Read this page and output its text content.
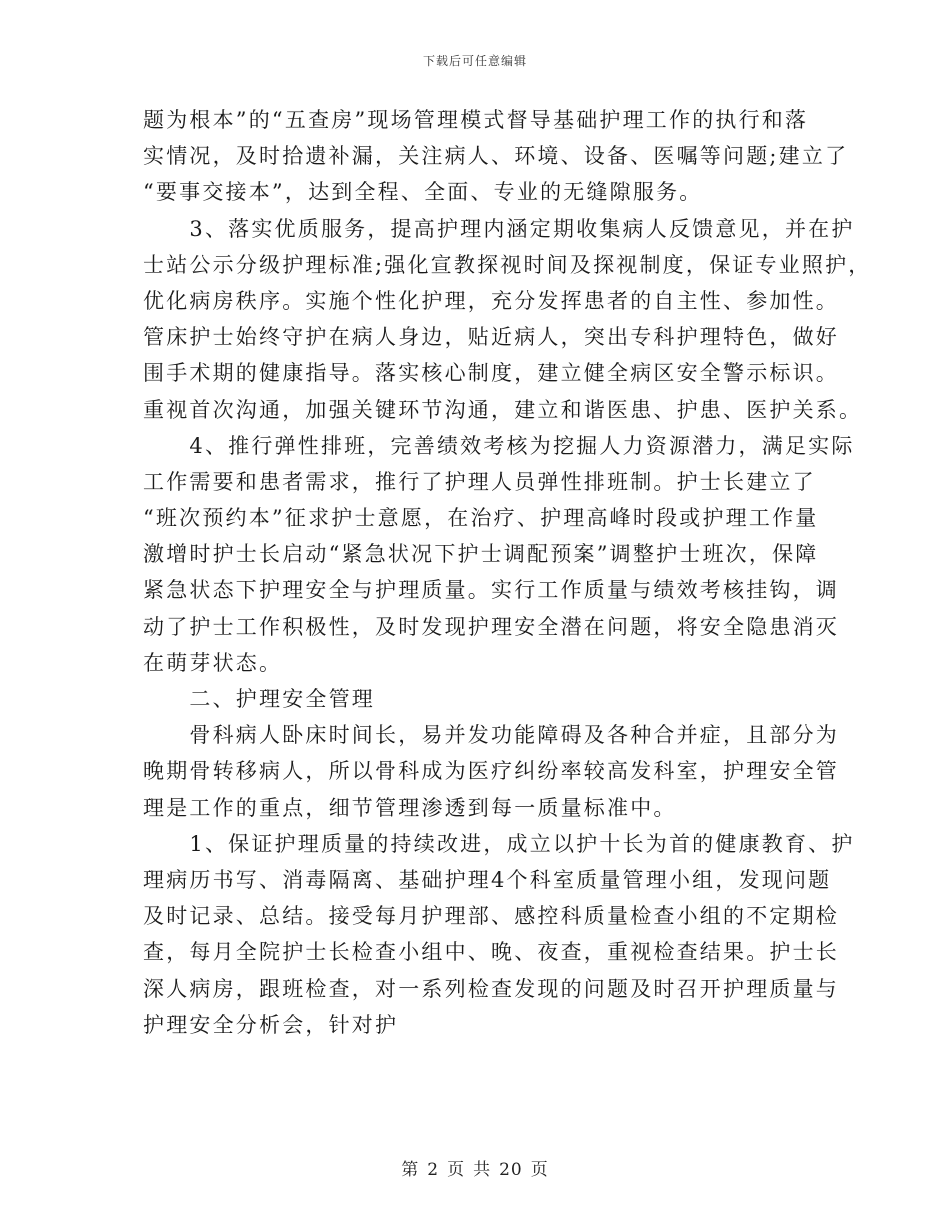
下载后可任意编辑
题为根本”的“五查房”现场管理模式督导基础护理工作的执行和落
实情况，及时拾遗补漏，关注病人、环境、设备、医嘱等问题;建立了
“要事交接本”，达到全程、全面、专业的无缝隙服务。
　　3、落实优质服务，提高护理内涵定期收集病人反馈意见，并在护
士站公示分级护理标准;强化宣教探视时间及探视制度，保证专业照护，
优化病房秩序。实施个性化护理，充分发挥患者的自主性、参加性。
管床护士始终守护在病人身边，贴近病人，突出专科护理特色，做好
围手术期的健康指导。落实核心制度，建立健全病区安全警示标识。
重视首次沟通，加强关键环节沟通，建立和谐医患、护患、医护关系。
　　4、推行弹性排班，完善绩效考核为挖掘人力资源潜力，满足实际
工作需要和患者需求，推行了护理人员弹性排班制。护士长建立了
“班次预约本”征求护士意愿，在治疗、护理高峰时段或护理工作量
激增时护士长启动“紧急状况下护士调配预案”调整护士班次，保障
紧急状态下护理安全与护理质量。实行工作质量与绩效考核挂钩，调
动了护士工作积极性，及时发现护理安全潜在问题，将安全隐患消灭
在萌芽状态。
　　二、护理安全管理
　　骨科病人卧床时间长，易并发功能障碍及各种合并症，且部分为
晚期骨转移病人，所以骨科成为医疗纠纷率较高发科室，护理安全管
理是工作的重点，细节管理渗透到每一质量标准中。
　　1、保证护理质量的持续改进，成立以护十长为首的健康教育、护
理病历书写、消毒隔离、基础护理4个科室质量管理小组，发现问题
及时记录、总结。接受每月护理部、感控科质量检查小组的不定期检
查，每月全院护士长检查小组中、晚、夜查，重视检查结果。护士长
深人病房，跟班检查，对一系列检查发现的问题及时召开护理质量与
护理安全分析会，针对护
第 2 页 共 20 页
